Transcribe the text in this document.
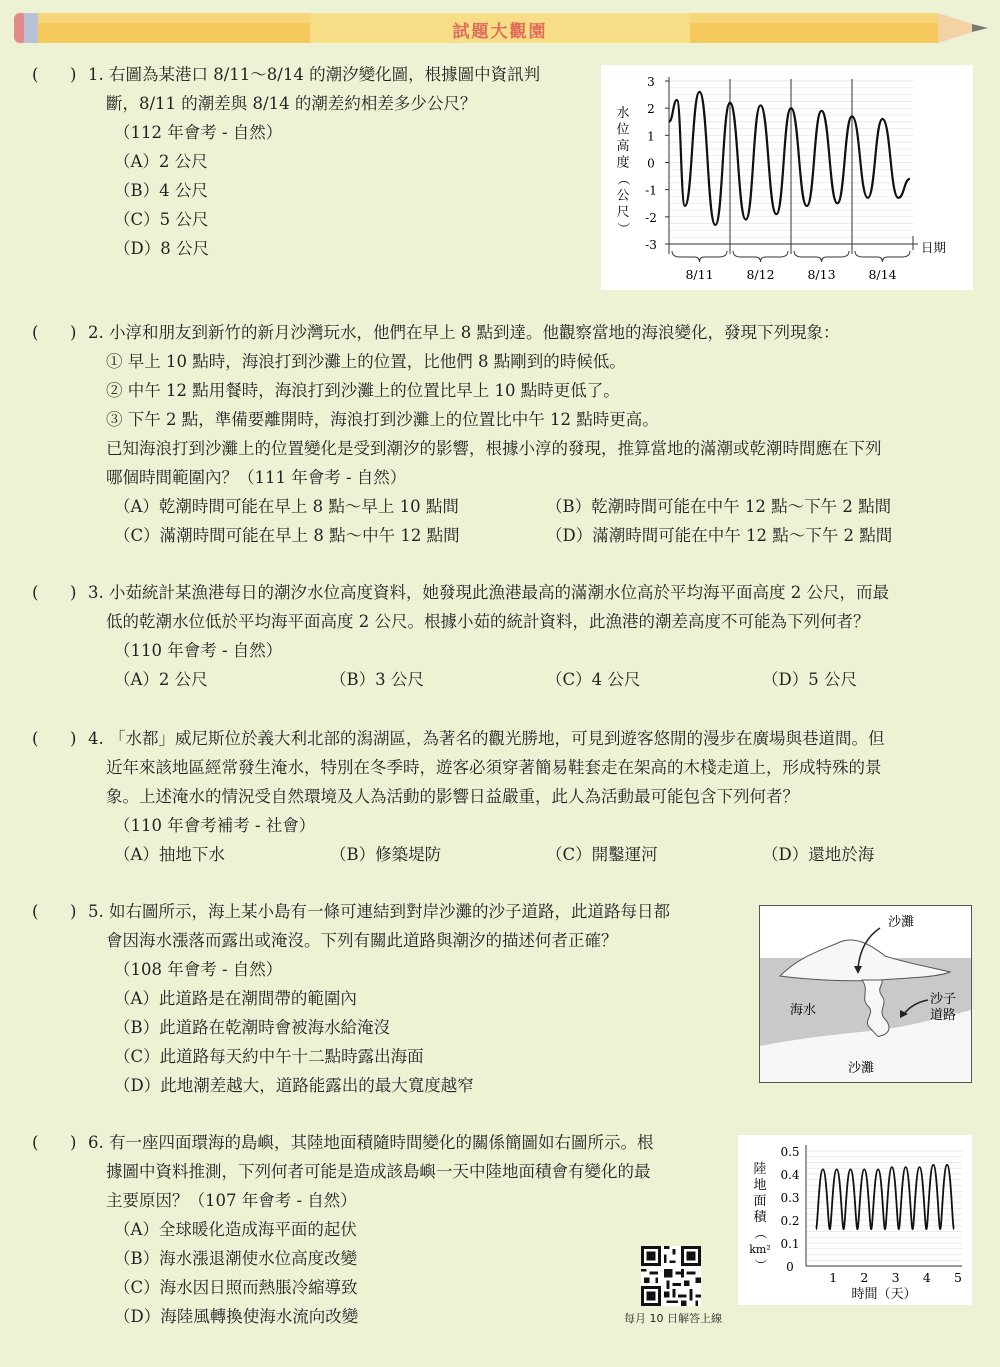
試題大觀園
( ) 1. 右圖為某港口 8/11～8/14 的潮汐變化圖，根據圖中資訊判
斷，8/11 的潮差與 8/14 的潮差約相差多少公尺？
（112 年會考 - 自然）
（A）2 公尺
（B）4 公尺
（C）5 公尺
（D）8 公尺
3
2
1
0
-1
-2
-3
水
位
高
度
（
公
尺
）
8/11	8/12	8/13	8/14
日期
( ) 2. 小淳和朋友到新竹的新月沙灣玩水，他們在早上 8 點到達。他觀察當地的海浪變化，發現下列現象：
① 早上 10 點時，海浪打到沙灘上的位置，比他們 8 點剛到的時候低。
② 中午 12 點用餐時，海浪打到沙灘上的位置比早上 10 點時更低了。
③ 下午 2 點，準備要離開時，海浪打到沙灘上的位置比中午 12 點時更高。
已知海浪打到沙灘上的位置變化是受到潮汐的影響，根據小淳的發現，推算當地的滿潮或乾潮時間應在下列
哪個時間範圍內？（111 年會考 - 自然）
（A）乾潮時間可能在早上 8 點～早上 10 點間	（B）乾潮時間可能在中午 12 點～下午 2 點間
（C）滿潮時間可能在早上 8 點～中午 12 點間	（D）滿潮時間可能在中午 12 點～下午 2 點間
( ) 3. 小茹統計某漁港每日的潮汐水位高度資料，她發現此漁港最高的滿潮水位高於平均海平面高度 2 公尺，而最
低的乾潮水位低於平均海平面高度 2 公尺。根據小茹的統計資料，此漁港的潮差高度不可能為下列何者？
（110 年會考 - 自然）
（A）2 公尺	（B）3 公尺	（C）4 公尺	（D）5 公尺
( ) 4. 「水都」威尼斯位於義大利北部的潟湖區，為著名的觀光勝地，可見到遊客悠閒的漫步在廣場與巷道間。但
近年來該地區經常發生淹水，特別在冬季時，遊客必須穿著簡易鞋套走在架高的木棧走道上，形成特殊的景
象。上述淹水的情況受自然環境及人為活動的影響日益嚴重，此人為活動最可能包含下列何者？
（110 年會考補考 - 社會）
（A）抽地下水	（B）修築堤防	（C）開鑿運河	（D）還地於海
( ) 5. 如右圖所示，海上某小島有一條可連結到對岸沙灘的沙子道路，此道路每日都
會因海水漲落而露出或淹沒。下列有關此道路與潮汐的描述何者正確？
（108 年會考 - 自然）
（A）此道路是在潮間帶的範圍內
（B）此道路在乾潮時會被海水給淹沒
（C）此道路每天約中午十二點時露出海面
（D）此地潮差越大，道路能露出的最大寬度越窄
沙灘
海水
沙子
道路
沙灘
( ) 6. 有一座四面環海的島嶼，其陸地面積隨時間變化的關係簡圖如右圖所示。根
據圖中資料推測，下列何者可能是造成該島嶼一天中陸地面積會有變化的最
主要原因？（107 年會考 - 自然）
（A）全球暖化造成海平面的起伏
（B）海水漲退潮使水位高度改變
（C）海水因日照而熱脹冷縮導致
（D）海陸風轉換使海水流向改變
0.5
0.4
0.3
0.2
0.1
0
陸
地
面
積
（
km²
）
1 2 3 4 5
時間（天）
每月 10 日解答上線
